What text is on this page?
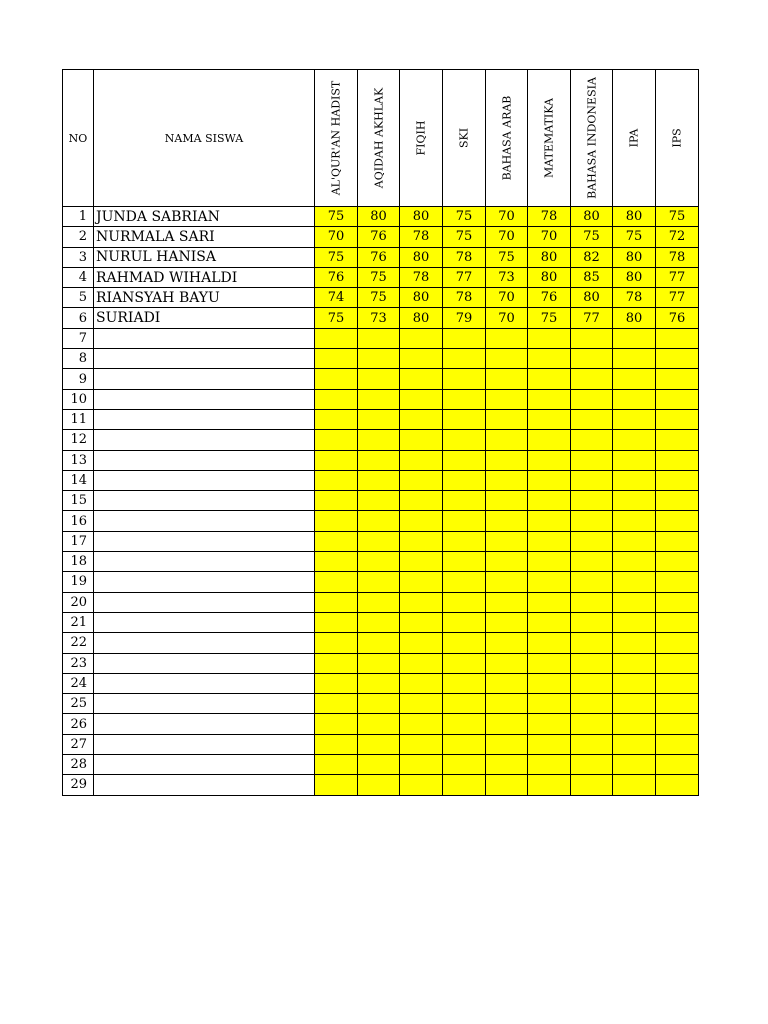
NO	NAMA SISWA	AL'QUR'AN HADIST	AQIDAH AKHLAK	FIQIH	SKI	BAHASA ARAB	MATEMATIKA	BAHASA INDONESIA	IPA	IPS

1	JUNDA SABRIAN	75	80	80	75	70	78	80	80	75
2	NURMALA SARI	70	76	78	75	70	70	75	75	72
3	NURUL HANISA	75	76	80	78	75	80	82	80	78
4	RAHMAD WIHALDI	76	75	78	77	73	80	85	80	77
5	RIANSYAH BAYU	74	75	80	78	70	76	80	78	77
6	SURIADI	75	73	80	79	70	75	77	80	76
7										
8										
9										
10										
11										
12										
13										
14										
15										
16										
17										
18										
19										
20										
21										
22										
23										
24										
25										
26										
27										
28										
29										
